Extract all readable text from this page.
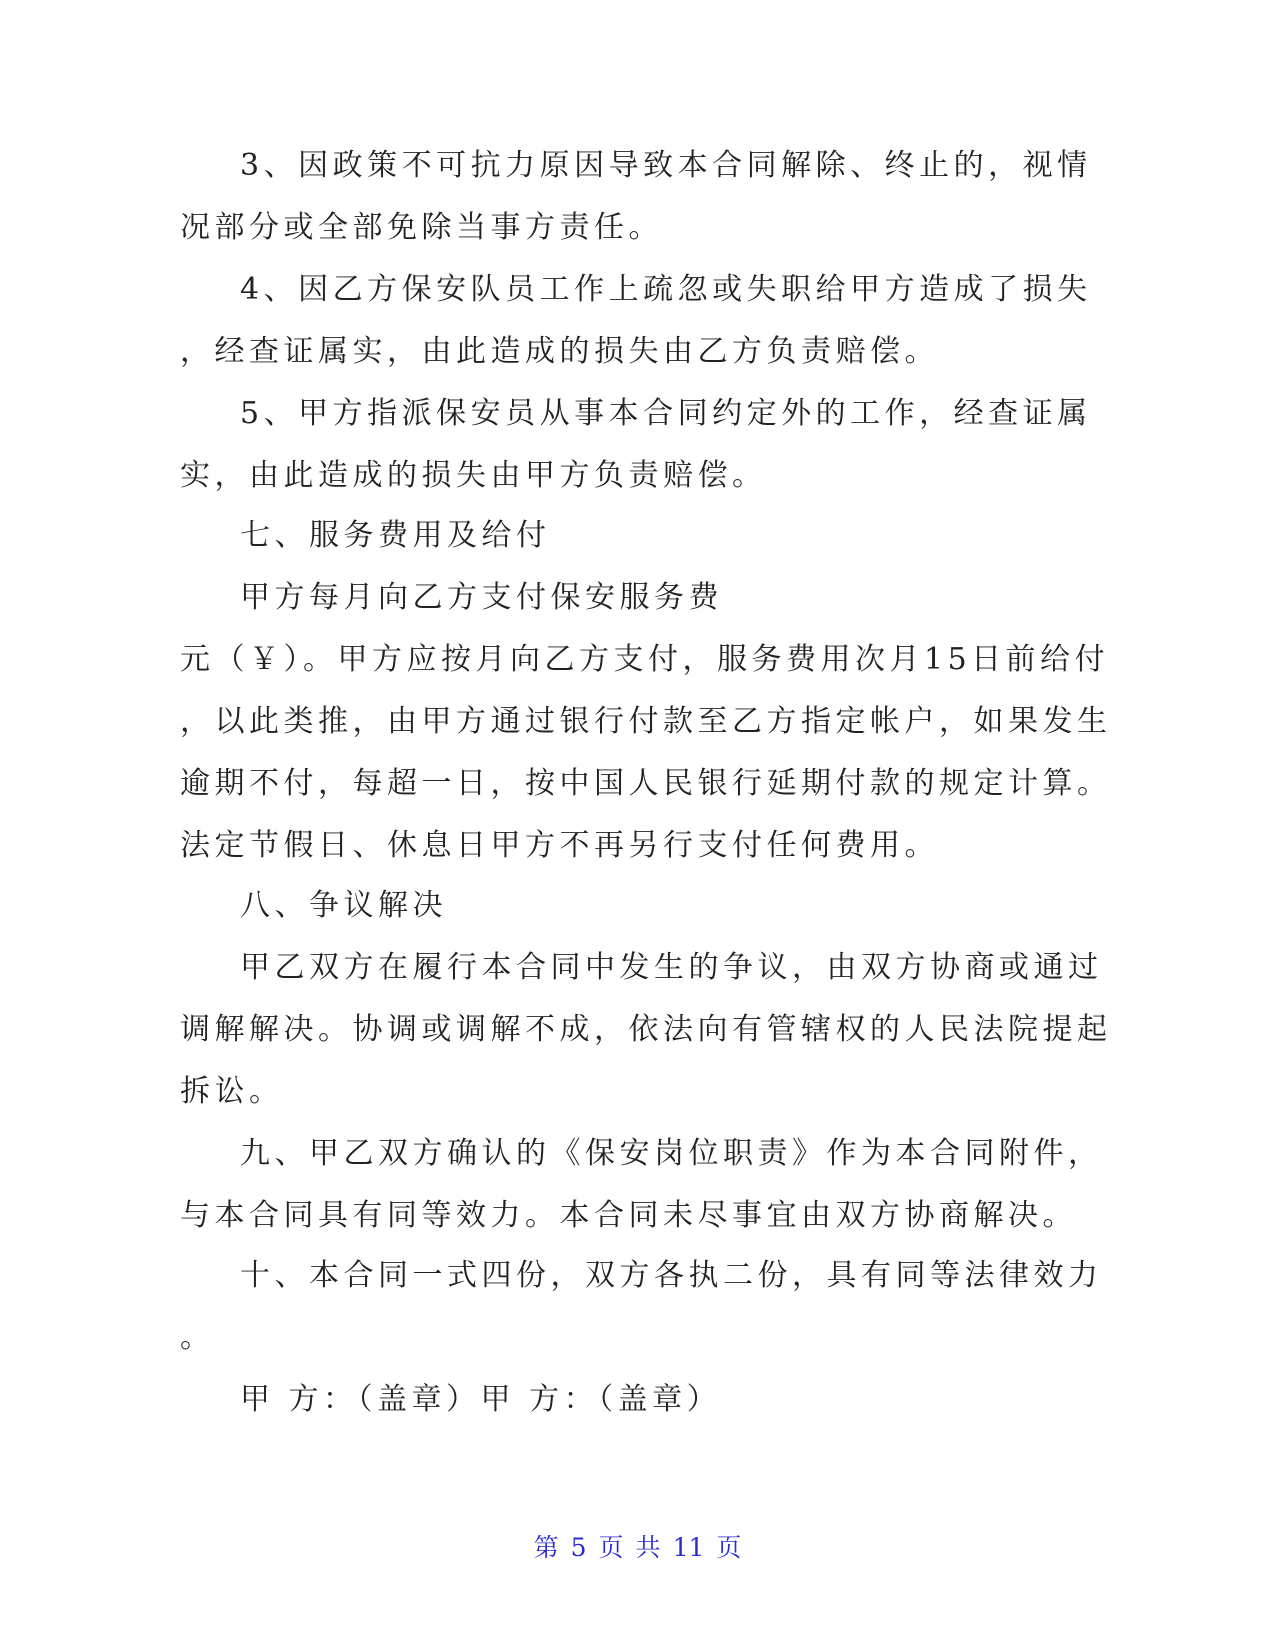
3、因政策不可抗力原因导致本合同解除、终止的，视情
况部分或全部免除当事方责任。
4、因乙方保安队员工作上疏忽或失职给甲方造成了损失
，经查证属实，由此造成的损失由乙方负责赔偿。
5、甲方指派保安员从事本合同约定外的工作，经查证属
实，由此造成的损失由甲方负责赔偿。
七、服务费用及给付
甲方每月向乙方支付保安服务费
元（￥）。甲方应按月向乙方支付，服务费用次月15日前给付
，以此类推，由甲方通过银行付款至乙方指定帐户，如果发生
逾期不付，每超一日，按中国人民银行延期付款的规定计算。
法定节假日、休息日甲方不再另行支付任何费用。
八、争议解决
甲乙双方在履行本合同中发生的争议，由双方协商或通过
调解解决。协调或调解不成，依法向有管辖权的人民法院提起
拆讼。
九、甲乙双方确认的《保安岗位职责》作为本合同附件，
与本合同具有同等效力。本合同未尽事宜由双方协商解决。
十、本合同一式四份，双方各执二份，具有同等法律效力
。
甲 方：（盖章）甲 方：（盖章）
第 5 页 共 11 页
